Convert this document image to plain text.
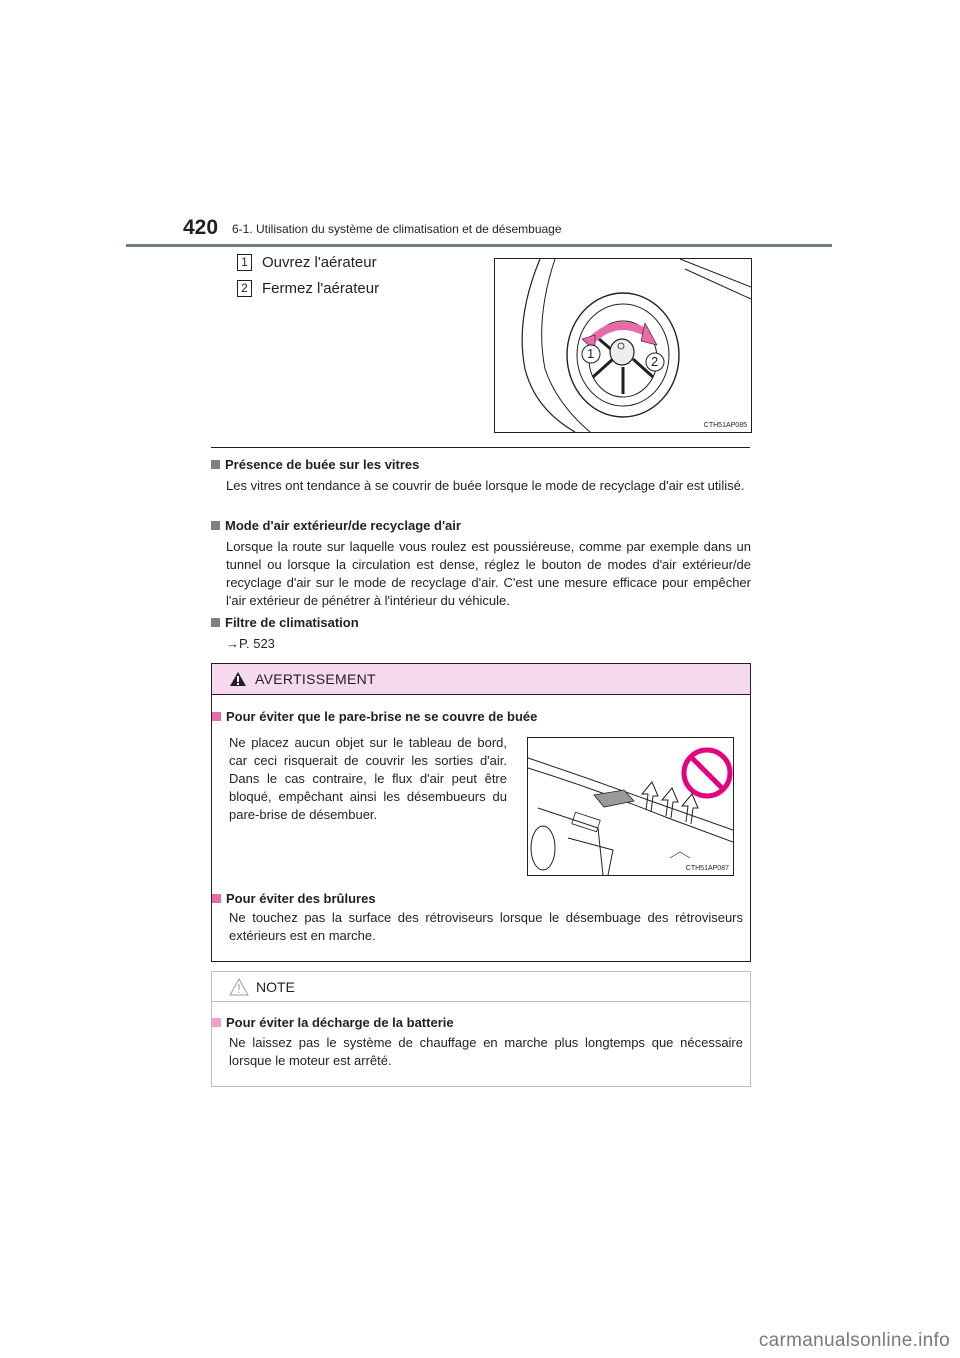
420 6-1. Utilisation du système de climatisation et de désembuage
1 Ouvrez l'aérateur
2 Fermez l'aérateur
1
2
CTH51AP085
Présence de buée sur les vitres
Les vitres ont tendance à se couvrir de buée lorsque le mode de recyclage d'air est utilisé.
Mode d'air extérieur/de recyclage d'air
Lorsque la route sur laquelle vous roulez est poussiéreuse, comme par exemple dans un tunnel ou lorsque la circulation est dense, réglez le bouton de modes d'air extérieur/de recyclage d'air sur le mode de recyclage d'air. C'est une mesure efficace pour empêcher l'air extérieur de pénétrer à l'intérieur du véhicule.
Filtre de climatisation
→P. 523
AVERTISSEMENT
Pour éviter que le pare-brise ne se couvre de buée
Ne placez aucun objet sur le tableau de bord, car ceci risquerait de couvrir les sorties d'air. Dans le cas contraire, le flux d'air peut être bloqué, empêchant ainsi les désembueurs du pare-brise de désembuer.
CTH51AP087
Pour éviter des brûlures
Ne touchez pas la surface des rétroviseurs lorsque le désembuage des rétroviseurs extérieurs est en marche.
NOTE
Pour éviter la décharge de la batterie
Ne laissez pas le système de chauffage en marche plus longtemps que nécessaire lorsque le moteur est arrêté.
carmanualsonline.info
